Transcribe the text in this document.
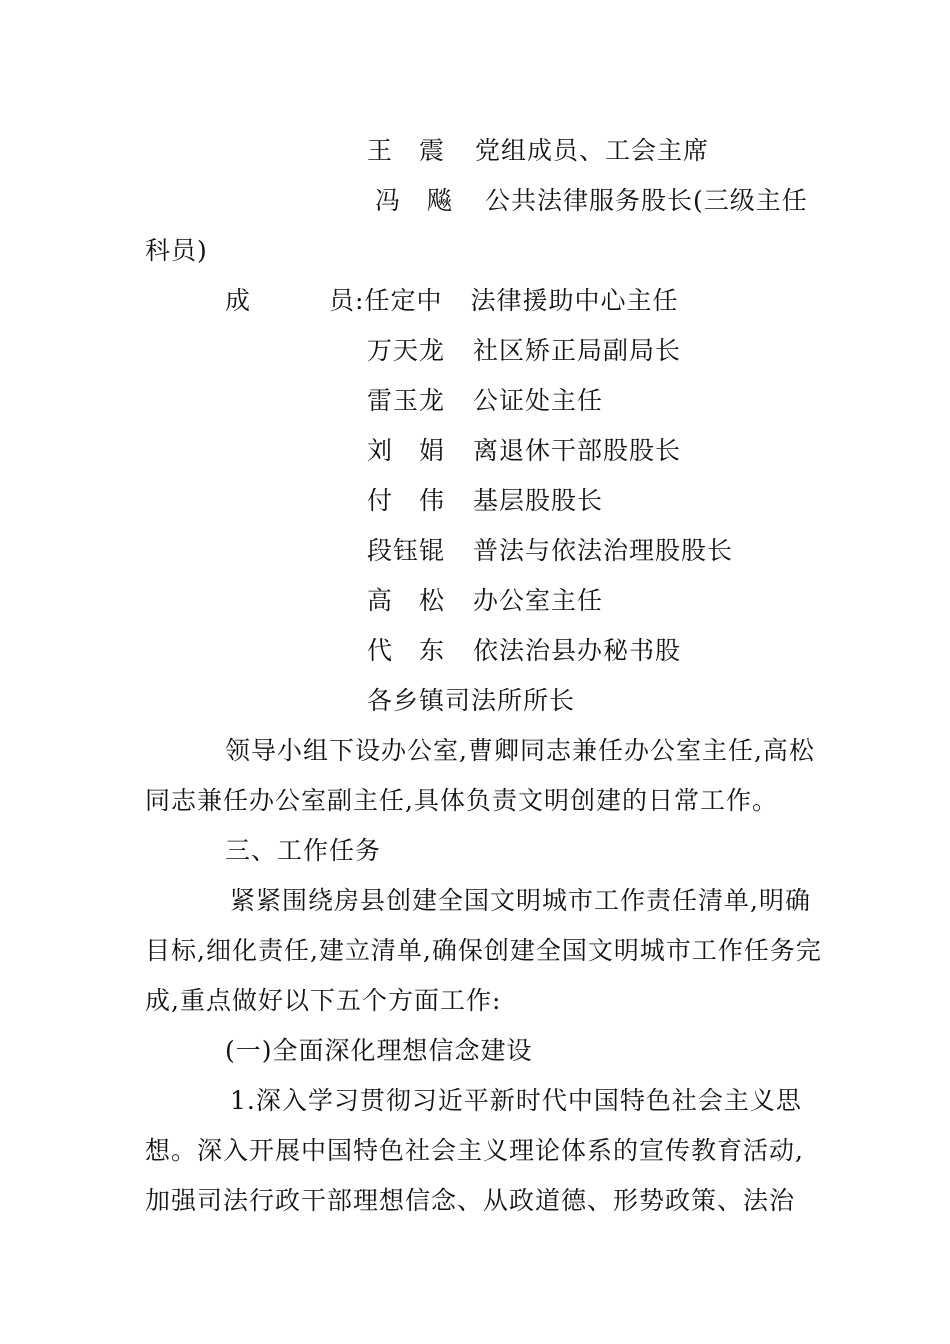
王　震 党组成员、工会主席
冯　飚 公共法律服务股长(三级主任
科员)
成　　　员:任定中 法律援助中心主任
万天龙 社区矫正局副局长
雷玉龙 公证处主任
刘　娟 离退休干部股股长
付　伟 基层股股长
段钰锟 普法与依法治理股股长
高　松 办公室主任
代　东 依法治县办秘书股
各乡镇司法所所长
领导小组下设办公室,曹卿同志兼任办公室主任,高松
同志兼任办公室副主任,具体负责文明创建的日常工作。
三、工作任务
紧紧围绕房县创建全国文明城市工作责任清单,明确
目标,细化责任,建立清单,确保创建全国文明城市工作任务完
成,重点做好以下五个方面工作:
(一)全面深化理想信念建设
1.深入学习贯彻习近平新时代中国特色社会主义思
想。深入开展中国特色社会主义理论体系的宣传教育活动,
加强司法行政干部理想信念、从政道德、形势政策、法治
